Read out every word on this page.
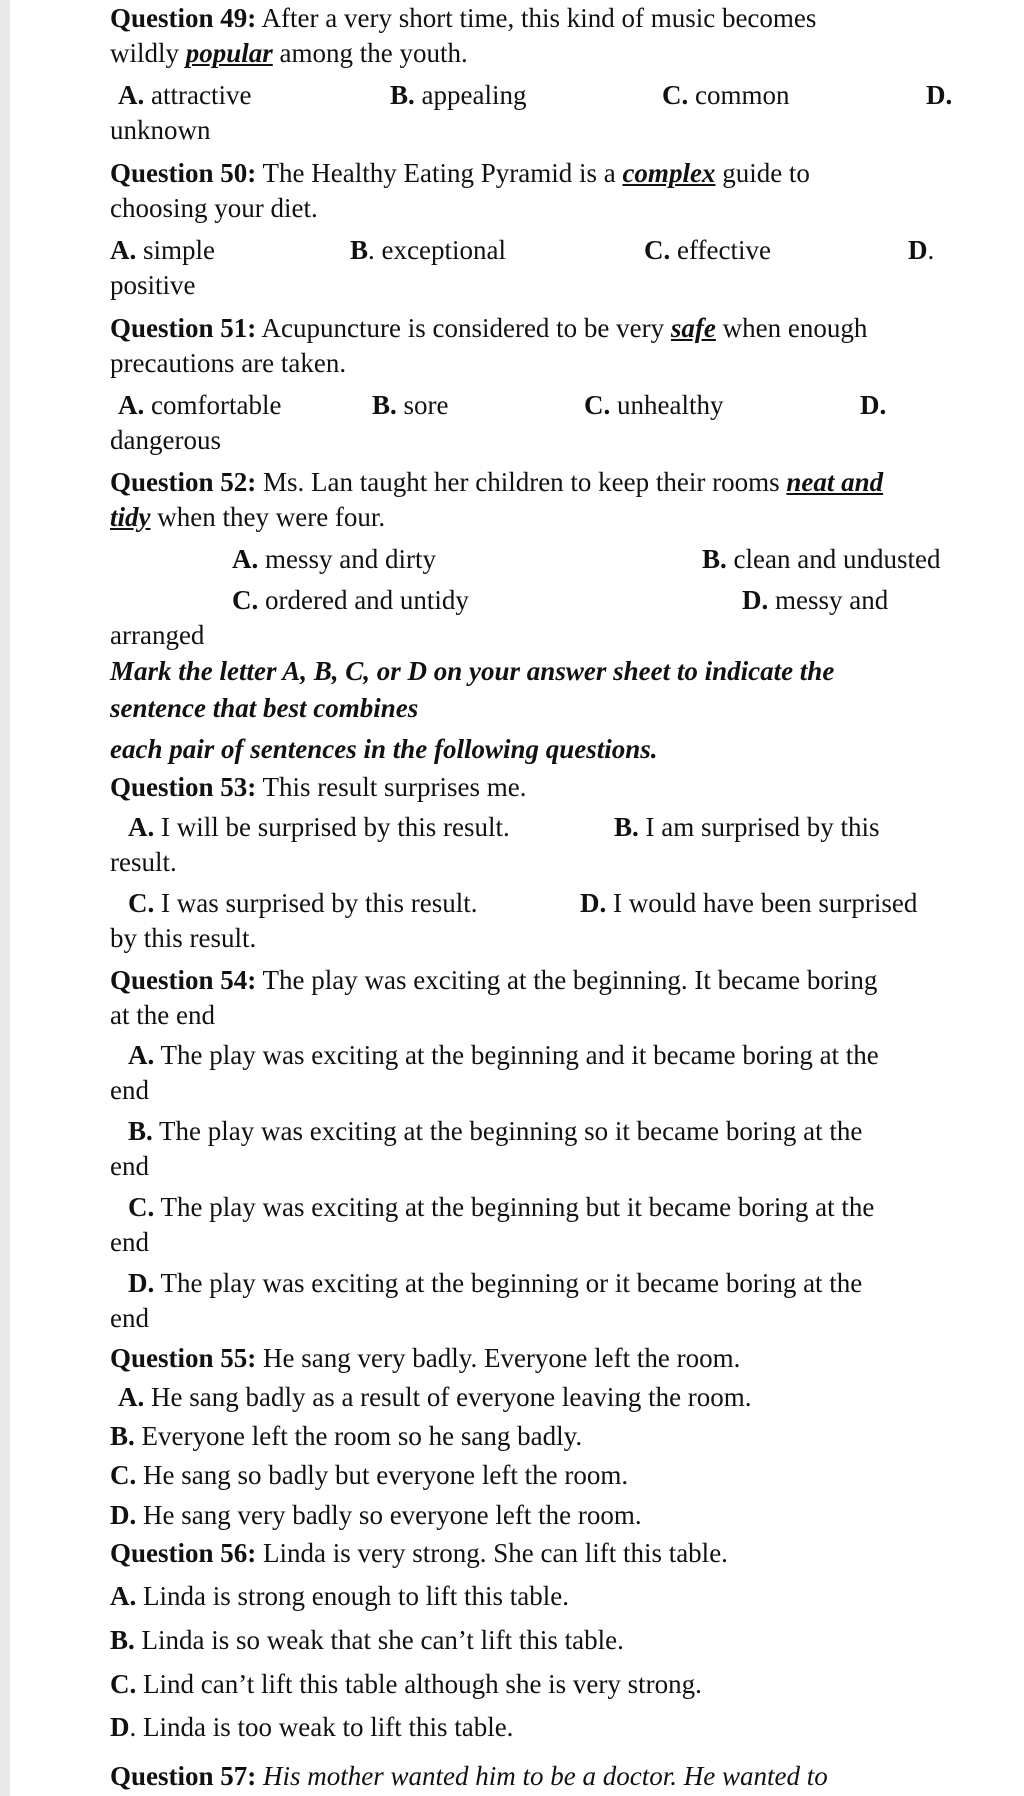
Question 49: After a very short time, this kind of music becomes
wildly popular among the youth.
A. attractive	B. appealing	C. common	D.
unknown
Question 50: The Healthy Eating Pyramid is a complex guide to
choosing your diet.
A. simple	B. exceptional	C. effective	D.
positive
Question 51: Acupuncture is considered to be very safe when enough
precautions are taken.
A. comfortable	B. sore	C. unhealthy	D.
dangerous
Question 52: Ms. Lan taught her children to keep their rooms neat and
tidy when they were four.
A. messy and dirty	B. clean and undusted
C. ordered and untidy	D. messy and
arranged
Mark the letter A, B, C, or D on your answer sheet to indicate the
sentence that best combines
each pair of sentences in the following questions.
Question 53: This result surprises me.
A. I will be surprised by this result.	B. I am surprised by this
result.
C. I was surprised by this result.	D. I would have been surprised
by this result.
Question 54: The play was exciting at the beginning. It became boring
at the end
A. The play was exciting at the beginning and it became boring at the
end
B. The play was exciting at the beginning so it became boring at the
end
C. The play was exciting at the beginning but it became boring at the
end
D. The play was exciting at the beginning or it became boring at the
end
Question 55: He sang very badly. Everyone left the room.
A. He sang badly as a result of everyone leaving the room.
B. Everyone left the room so he sang badly.
C. He sang so badly but everyone left the room.
D. He sang very badly so everyone left the room.
Question 56: Linda is very strong. She can lift this table.
A. Linda is strong enough to lift this table.
B. Linda is so weak that she can’t lift this table.
C. Lind can’t lift this table although she is very strong.
D. Linda is too weak to lift this table.
Question 57: His mother wanted him to be a doctor. He wanted to
